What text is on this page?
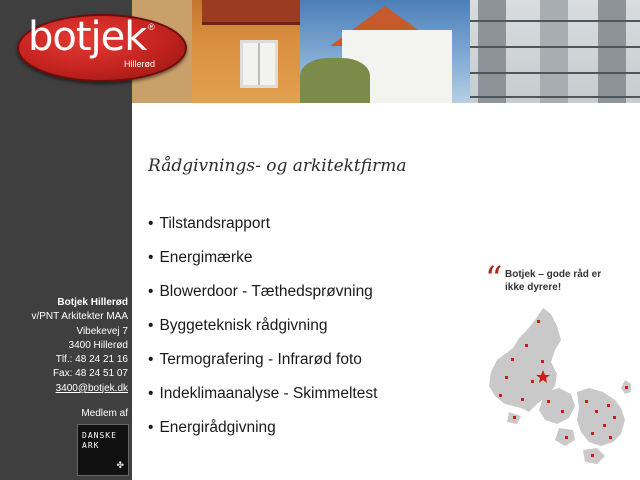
botjek ®
Hillerød
Rådgivnings- og arkitektfirma
• Tilstandsrapport
• Energimærke
• Blowerdoor - Tæthedsprøvning
• Byggeteknisk rådgivning
• Termografering - Infrarød foto
• Indeklimaanalyse - Skimmeltest
• Energirådgivning
Botjek Hillerød
v/PNT Arkitekter MAA
Vibekevej 7
3400 Hillerød
Tlf.: 48 24 21 16
Fax: 48 24 51 07
3400@botjek.dk
Medlem af
DANSKE
ARK
✤
“ Botjek – gode råd er ikke dyrere!
